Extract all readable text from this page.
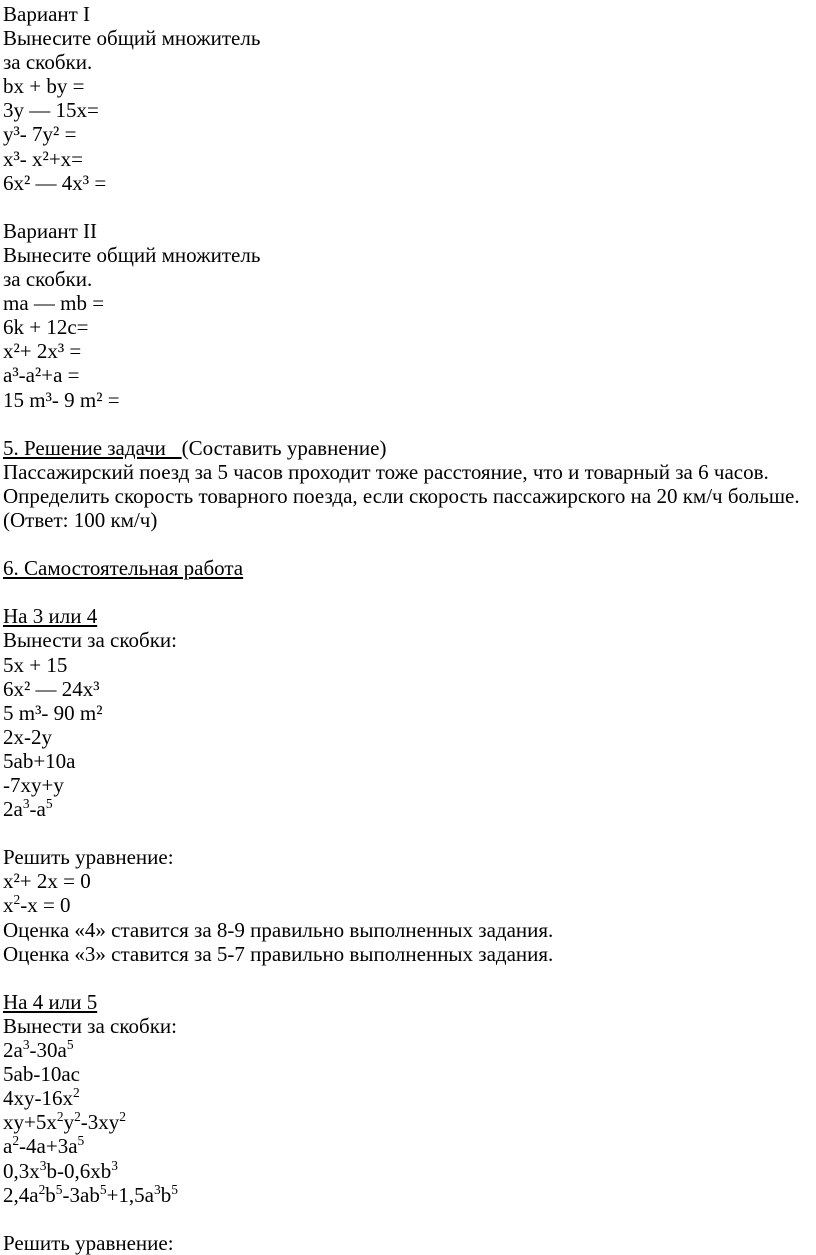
Вариант I
Вынесите общий множитель
за скобки.
bx + by =
3y — 15x=
y³- 7y² =
x³- x²+x=
6x² — 4x³ =
Вариант II
Вынесите общий множитель
за скобки.
ma — mb =
6k + 12c=
x²+ 2x³ =
a³-a²+a =
15 m³- 9 m² =
5. Решение задачи   (Составить уравнение)
Пассажирский поезд за 5 часов проходит тоже расстояние, что и товарный за 6 часов.
Определить скорость товарного поезда, если скорость пассажирского на 20 км/ч больше.
(Ответ: 100 км/ч)
6. Самостоятельная работа
На 3 или 4
Вынести за скобки:
5x + 15
6x² — 24x³
5 m³- 90 m²
2x-2y
5ab+10a
-7xy+y
$2a^3-a^5$
Решить уравнение:
x²+ 2x = 0
$x^2-x = 0$
Оценка «4» ставится за 8-9 правильно выполненных задания.
Оценка «3» ставится за 5-7 правильно выполненных задания.
На 4 или 5
Вынести за скобки:
$2a^3-30a^5$
5ab-10ac
$4xy-16x^2$
$xy+5x^2y^2-3xy^2$
$a^2-4a+3a^5$
$0,3x^3b-0,6xb^3$
$2,4a^2b^5-3ab^5+1,5a^3b^5$
Решить уравнение:
